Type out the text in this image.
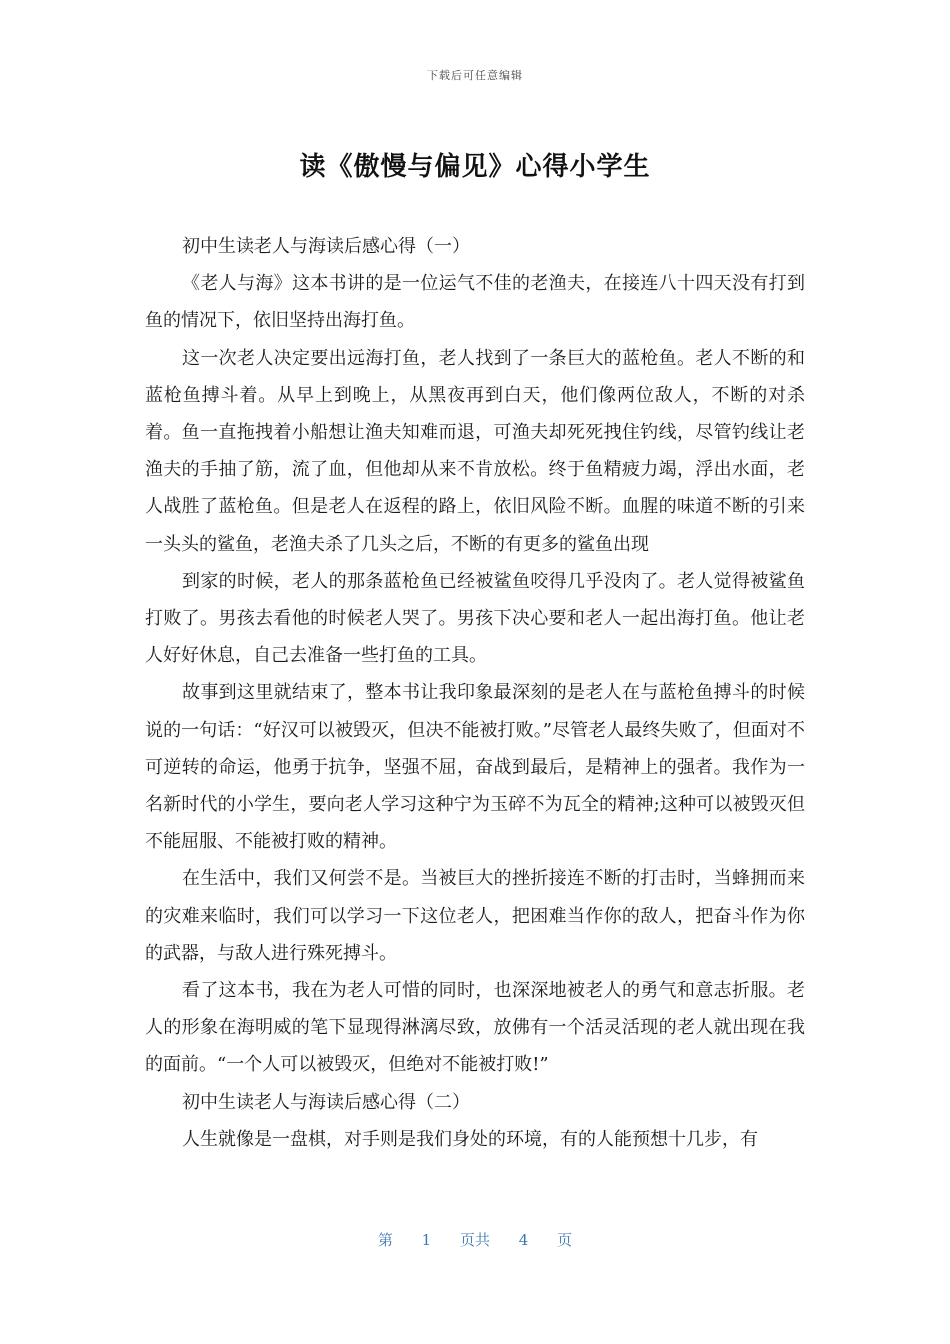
下载后可任意编辑
读《傲慢与偏见》心得小学生

初中生读老人与海读后感心得（一）

《老人与海》这本书讲的是一位运气不佳的老渔夫，在接连八十四天没有打到鱼的情况下，依旧坚持出海打鱼。

这一次老人决定要出远海打鱼，老人找到了一条巨大的蓝枪鱼。老人不断的和蓝枪鱼搏斗着。从早上到晚上，从黑夜再到白天，他们像两位敌人，不断的对杀着。鱼一直拖拽着小船想让渔夫知难而退，可渔夫却死死拽住钓线，尽管钓线让老渔夫的手抽了筋，流了血，但他却从来不肯放松。终于鱼精疲力竭，浮出水面，老人战胜了蓝枪鱼。但是老人在返程的路上，依旧风险不断。血腥的味道不断的引来一头头的鲨鱼，老渔夫杀了几头之后，不断的有更多的鲨鱼出现

到家的时候，老人的那条蓝枪鱼已经被鲨鱼咬得几乎没肉了。老人觉得被鲨鱼打败了。男孩去看他的时候老人哭了。男孩下决心要和老人一起出海打鱼。他让老人好好休息，自己去准备一些打鱼的工具。

故事到这里就结束了，整本书让我印象最深刻的是老人在与蓝枪鱼搏斗的时候说的一句话：“好汉可以被毁灭，但决不能被打败。”尽管老人最终失败了，但面对不可逆转的命运，他勇于抗争，坚强不屈，奋战到最后，是精神上的强者。我作为一名新时代的小学生，要向老人学习这种宁为玉碎不为瓦全的精神;这种可以被毁灭但不能屈服、不能被打败的精神。

在生活中，我们又何尝不是。当被巨大的挫折接连不断的打击时，当蜂拥而来的灾难来临时，我们可以学习一下这位老人，把困难当作你的敌人，把奋斗作为你的武器，与敌人进行殊死搏斗。

看了这本书，我在为老人可惜的同时，也深深地被老人的勇气和意志折服。老人的形象在海明威的笔下显现得淋漓尽致，放佛有一个活灵活现的老人就出现在我的面前。“一个人可以被毁灭，但绝对不能被打败!”

初中生读老人与海读后感心得（二）

人生就像是一盘棋，对手则是我们身处的环境，有的人能预想十几步，有

第 1 页共 4 页
